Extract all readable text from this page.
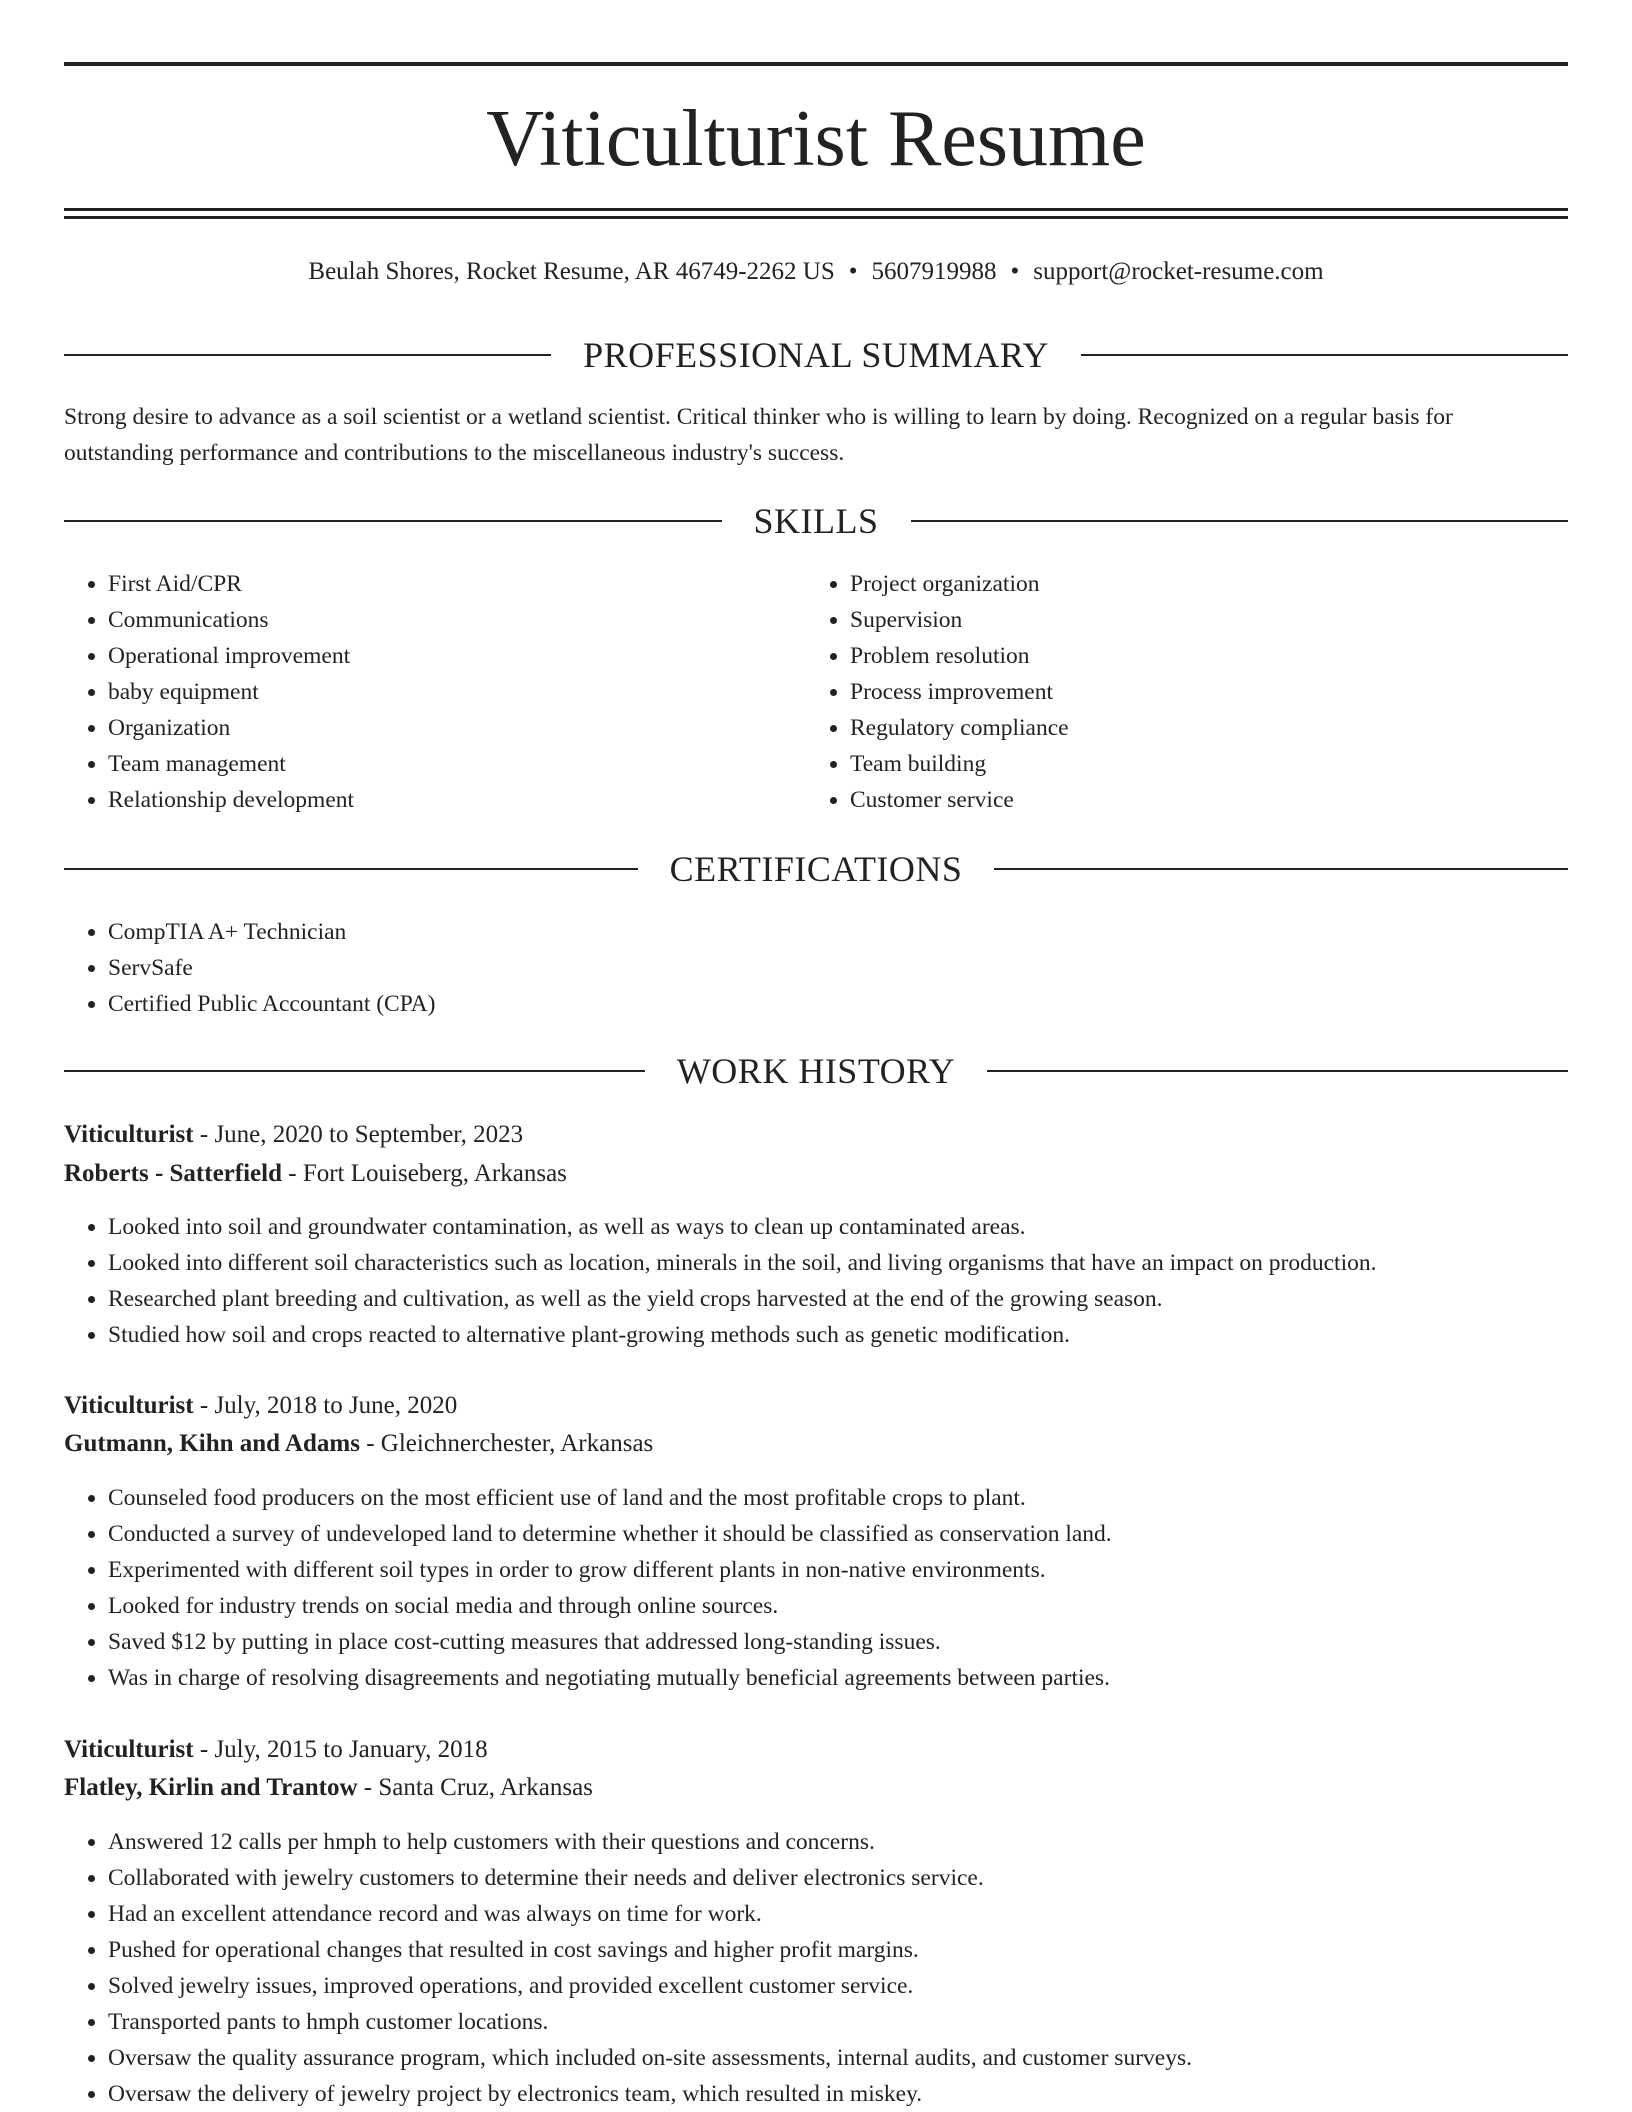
Viticulturist Resume
Beulah Shores, Rocket Resume, AR 46749-2262 US • 5607919988 • support@rocket-resume.com
PROFESSIONAL SUMMARY

Strong desire to advance as a soil scientist or a wetland scientist. Critical thinker who is willing to learn by doing. Recognized on a regular basis for outstanding performance and contributions to the miscellaneous industry's success.

SKILLS
• First Aid/CPR
• Communications
• Operational improvement
• baby equipment
• Organization
• Team management
• Relationship development
• Project organization
• Supervision
• Problem resolution
• Process improvement
• Regulatory compliance
• Team building
• Customer service
CERTIFICATIONS
• CompTIA A+ Technician
• ServSafe
• Certified Public Accountant (CPA)
WORK HISTORY
Viticulturist - June, 2020 to September, 2023
Roberts - Satterfield - Fort Louiseberg, Arkansas
• Looked into soil and groundwater contamination, as well as ways to clean up contaminated areas.
• Looked into different soil characteristics such as location, minerals in the soil, and living organisms that have an impact on production.
• Researched plant breeding and cultivation, as well as the yield crops harvested at the end of the growing season.
• Studied how soil and crops reacted to alternative plant-growing methods such as genetic modification.
Viticulturist - July, 2018 to June, 2020
Gutmann, Kihn and Adams - Gleichnerchester, Arkansas
• Counseled food producers on the most efficient use of land and the most profitable crops to plant.
• Conducted a survey of undeveloped land to determine whether it should be classified as conservation land.
• Experimented with different soil types in order to grow different plants in non-native environments.
• Looked for industry trends on social media and through online sources.
• Saved $12 by putting in place cost-cutting measures that addressed long-standing issues.
• Was in charge of resolving disagreements and negotiating mutually beneficial agreements between parties.
Viticulturist - July, 2015 to January, 2018
Flatley, Kirlin and Trantow - Santa Cruz, Arkansas
• Answered 12 calls per hmph to help customers with their questions and concerns.
• Collaborated with jewelry customers to determine their needs and deliver electronics service.
• Had an excellent attendance record and was always on time for work.
• Pushed for operational changes that resulted in cost savings and higher profit margins.
• Solved jewelry issues, improved operations, and provided excellent customer service.
• Transported pants to hmph customer locations.
• Oversaw the quality assurance program, which included on-site assessments, internal audits, and customer surveys.
• Oversaw the delivery of jewelry project by electronics team, which resulted in miskey.
